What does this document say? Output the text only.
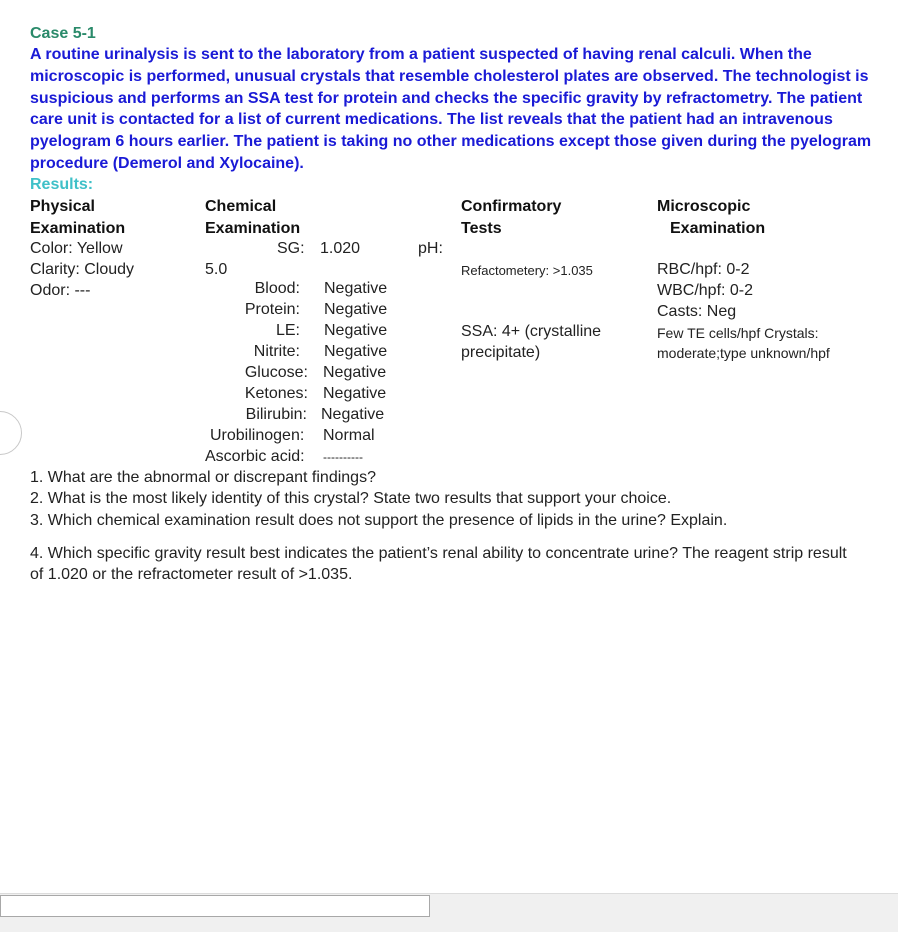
Case 5-1
A routine urinalysis is sent to the laboratory from a patient suspected of having renal calculi. When the microscopic is performed, unusual crystals that resemble cholesterol plates are observed. The technologist is suspicious and performs an SSA test for protein and checks the specific gravity by refractometry. The patient care unit is contacted for a list of current medications. The list reveals that the patient had an intravenous pyelogram 6 hours earlier. The patient is taking no other medications except those given during the pyelogram procedure (Demerol and Xylocaine).
Results:
Physical
Examination
Color: Yellow
Clarity: Cloudy
Odor: ---
Chemical
Examination
SG: 1.020	pH:
5.0
Blood: Negative
Protein: Negative
LE: Negative
Nitrite: Negative
Glucose: Negative
Ketones: Negative
Bilirubin: Negative
Urobilinogen: Normal
Ascorbic acid: ----------
Confirmatory
Tests
Refactometery: >1.035
SSA: 4+ (crystalline
precipitate)
Microscopic
Examination
RBC/hpf: 0-2
WBC/hpf: 0-2
Casts: Neg
Few TE cells/hpf Crystals:
moderate;type unknown/hpf
1. What are the abnormal or discrepant findings?
2. What is the most likely identity of this crystal? State two results that support your choice.
3. Which chemical examination result does not support the presence of lipids in the urine? Explain.
4. Which specific gravity result best indicates the patient’s renal ability to concentrate urine? The reagent strip result
of 1.020 or the refractometer result of >1.035.
